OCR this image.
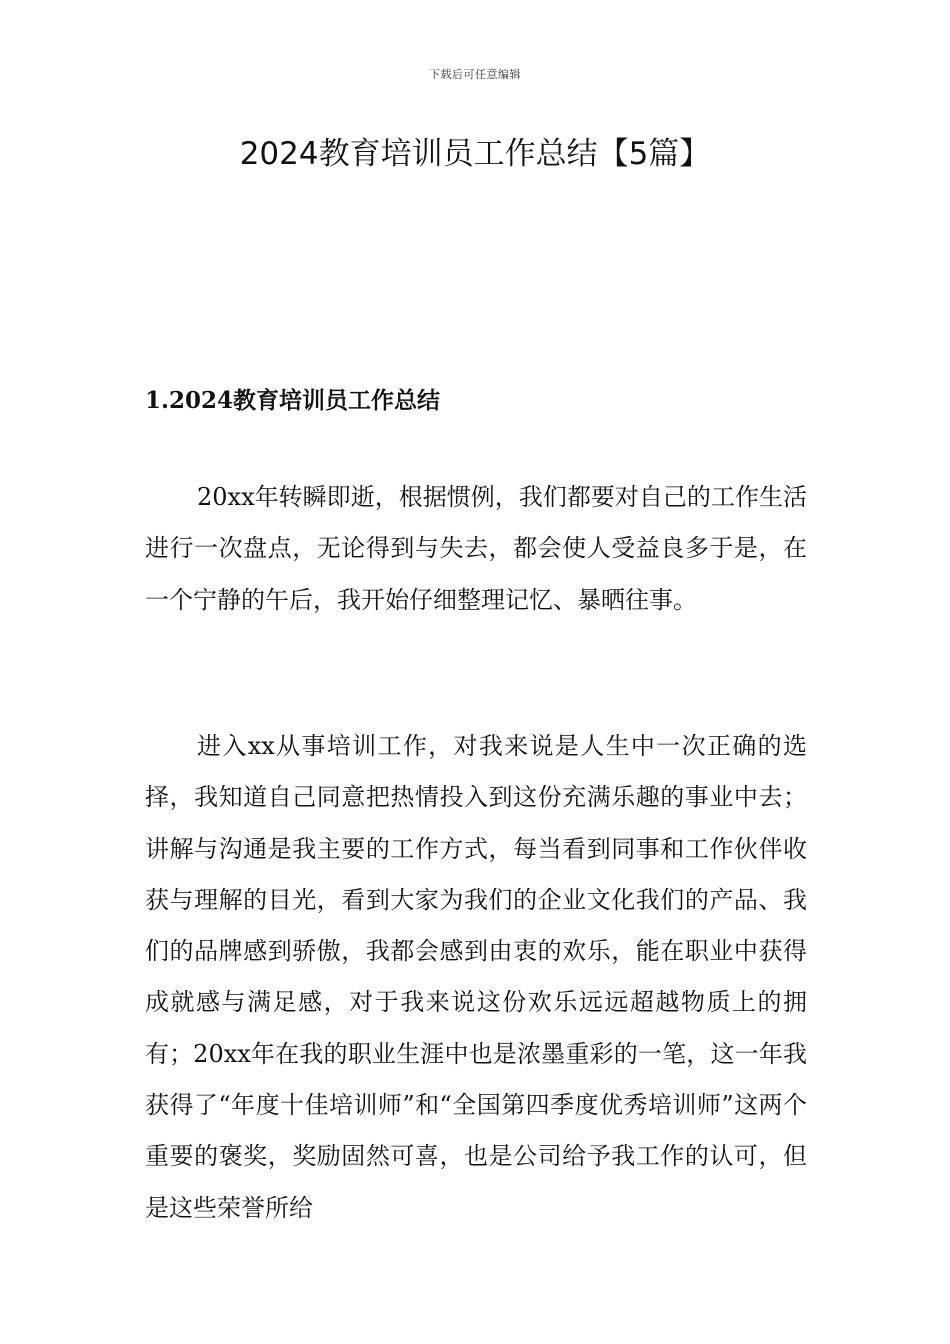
下载后可任意编辑
2024教育培训员工作总结【5篇】
1.2024教育培训员工作总结

20xx年转瞬即逝，根据惯例，我们都要对自己的工作生活进行一次盘点，无论得到与失去，都会使人受益良多于是，在一个宁静的午后，我开始仔细整理记忆、暴晒往事。

进入xx从事培训工作，对我来说是人生中一次正确的选择，我知道自己同意把热情投入到这份充满乐趣的事业中去；讲解与沟通是我主要的工作方式，每当看到同事和工作伙伴收获与理解的目光，看到大家为我们的企业文化我们的产品、我们的品牌感到骄傲，我都会感到由衷的欢乐，能在职业中获得成就感与满足感，对于我来说这份欢乐远远超越物质上的拥有；20xx年在我的职业生涯中也是浓墨重彩的一笔，这一年我获得了“年度十佳培训师”和“全国第四季度优秀培训师”这两个重要的褒奖，奖励固然可喜，也是公司给予我工作的认可，但是这些荣誉所给
